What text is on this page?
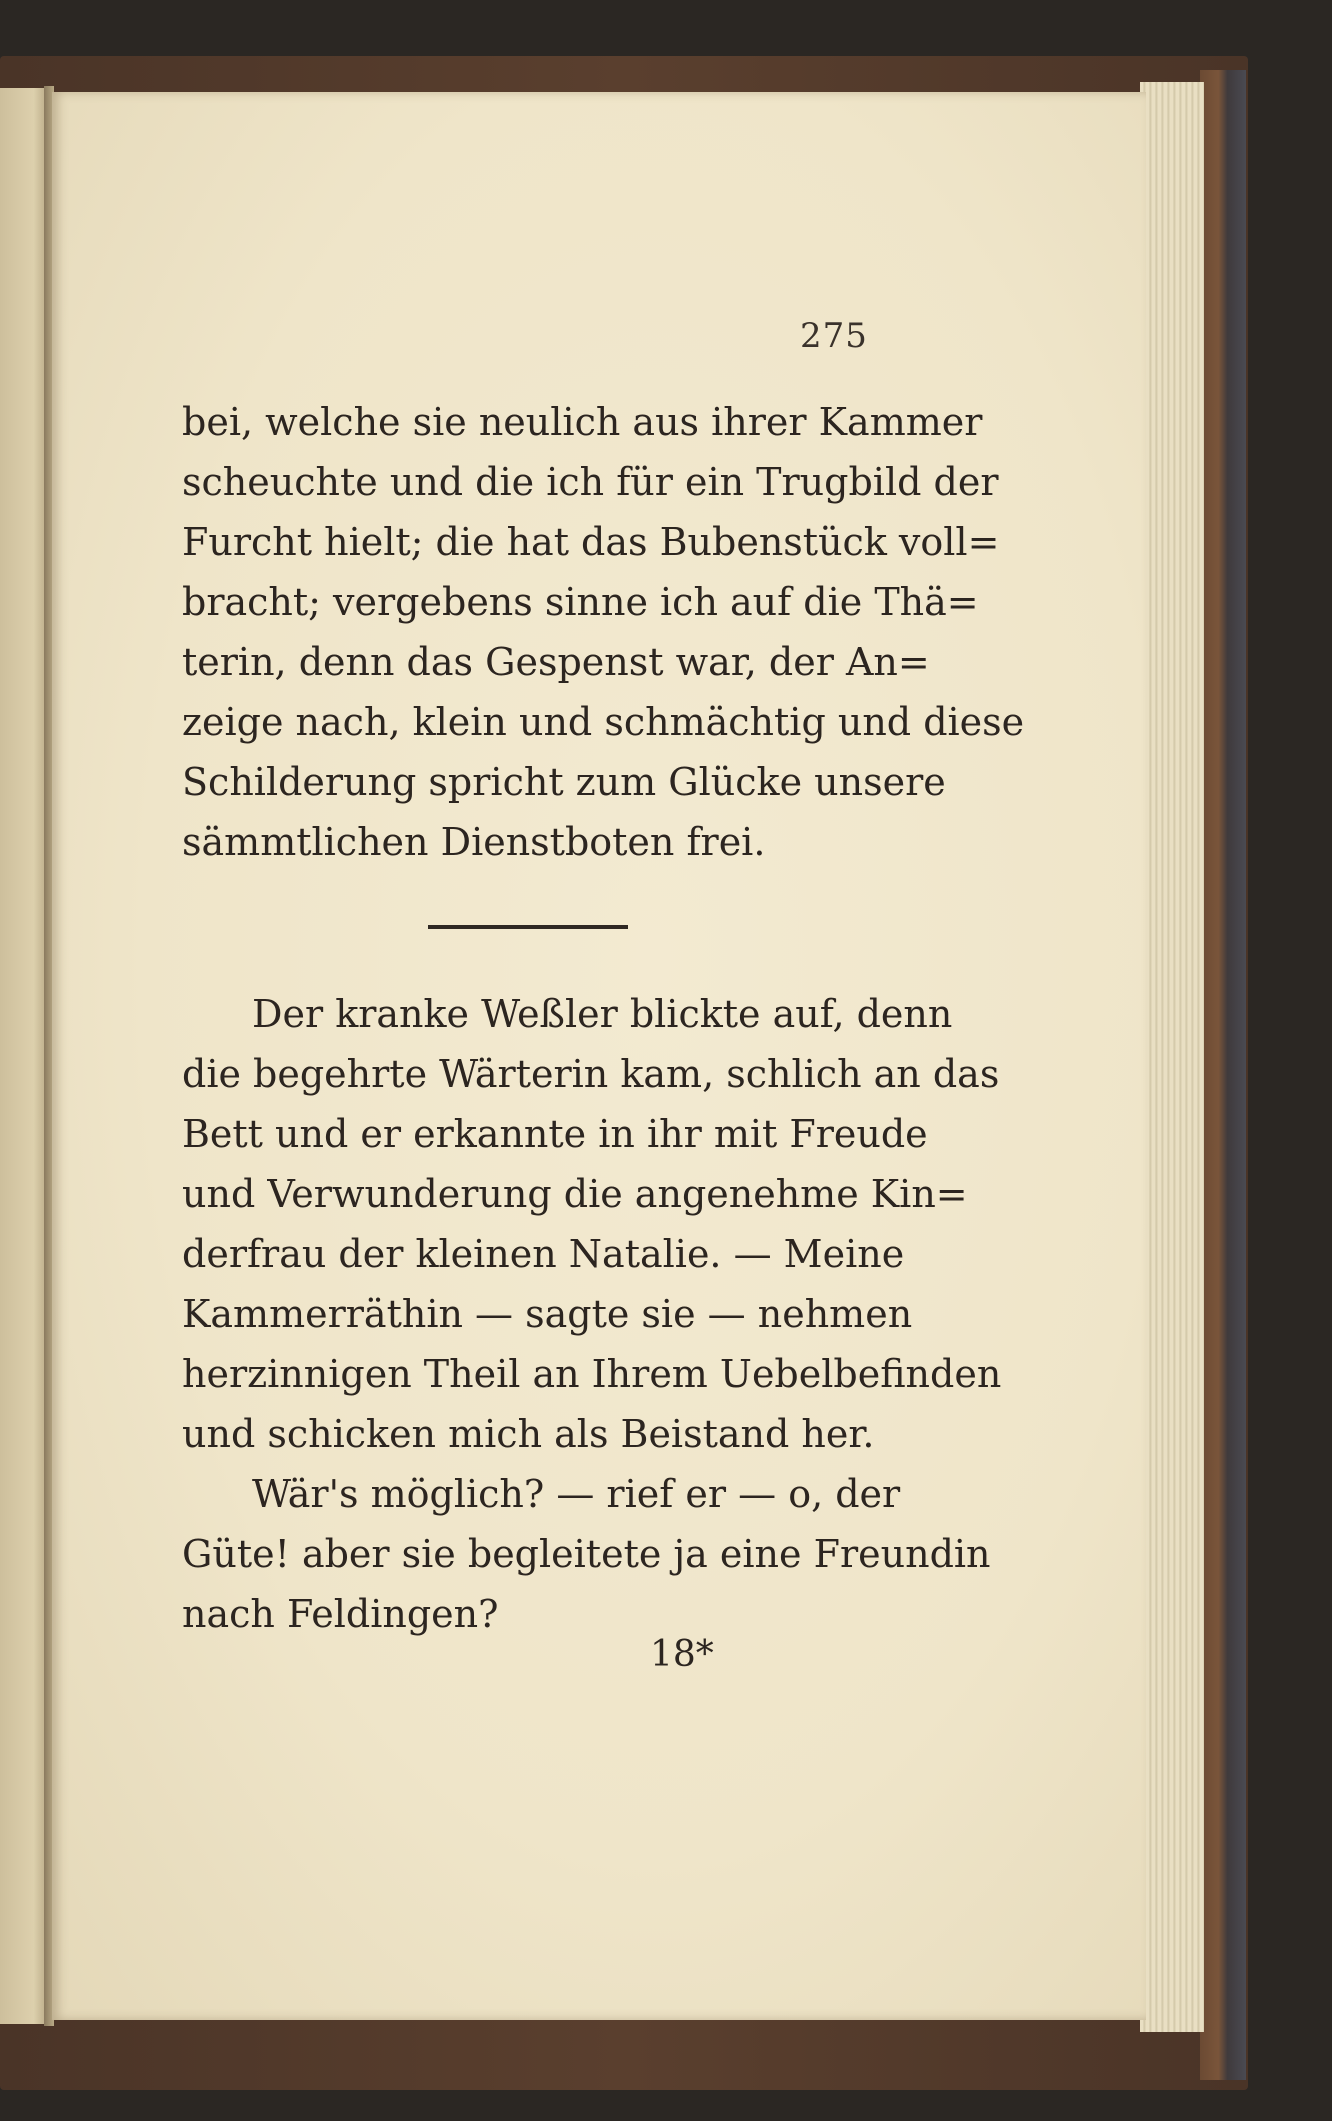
275
bei, welche sie neulich aus ihrer Kammer
scheuchte und die ich für ein Trugbild der
Furcht hielt; die hat das Bubenstück voll=
bracht; vergebens sinne ich auf die Thä=
terin, denn das Gespenst war, der An=
zeige nach, klein und schmächtig und diese
Schilderung spricht zum Glücke unsere
sämmtlichen Dienstboten frei.
Der kranke Weßler blickte auf, denn
die begehrte Wärterin kam, schlich an das
Bett und er erkannte in ihr mit Freude
und Verwunderung die angenehme Kin=
derfrau der kleinen Natalie. — Meine
Kammerräthin — sagte sie — nehmen
herzinnigen Theil an Ihrem Uebelbefinden
und schicken mich als Beistand her.
Wär's möglich? — rief er — o, der
Güte! aber sie begleitete ja eine Freundin
nach Feldingen?
18*
